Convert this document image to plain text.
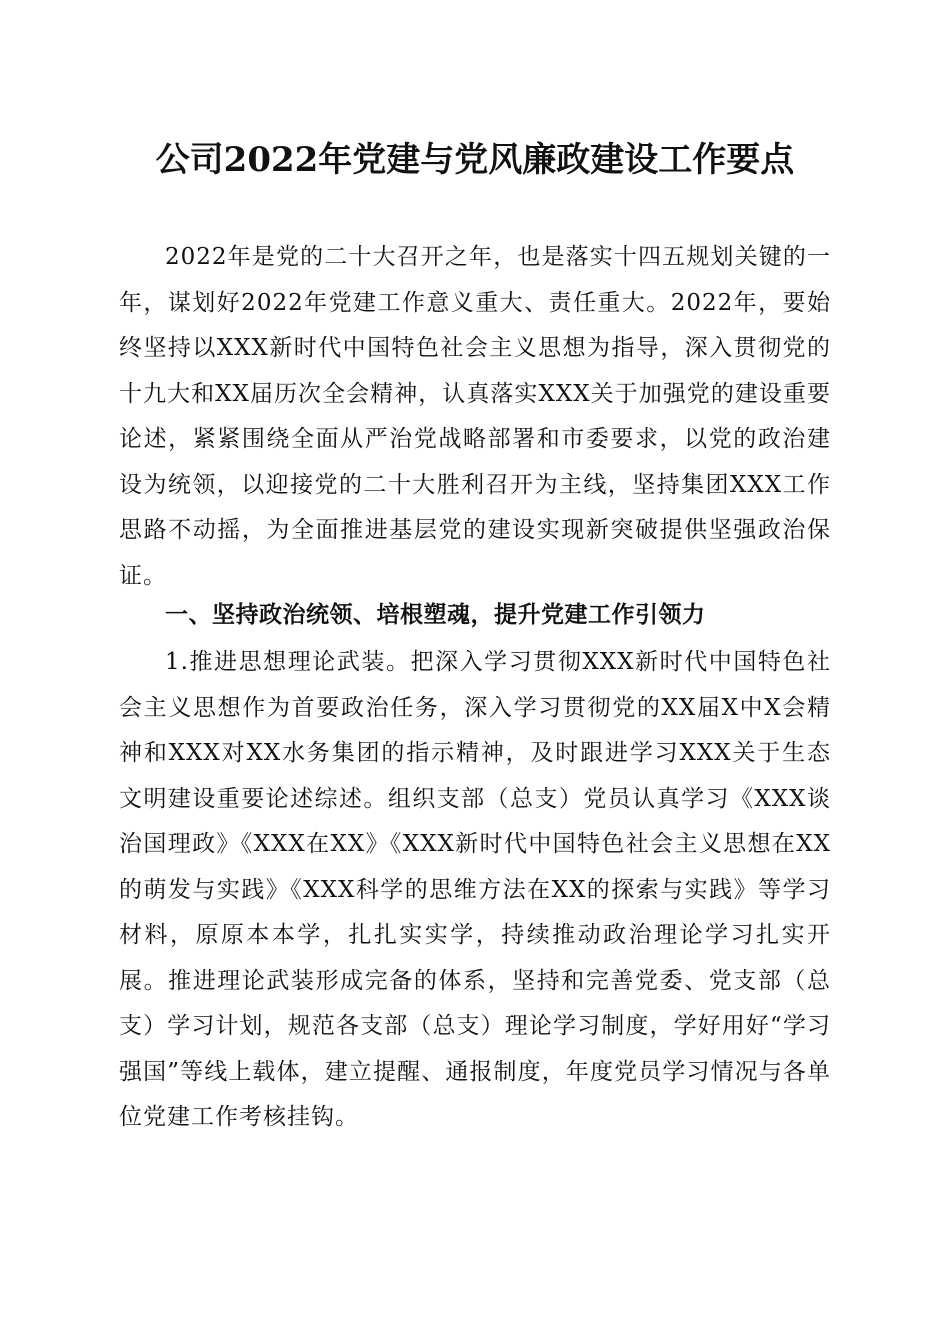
公司2022年党建与党风廉政建设工作要点

2022年是党的二十大召开之年，也是落实十四五规划关键的一年，谋划好2022年党建工作意义重大、责任重大。2022年，要始终坚持以XXX新时代中国特色社会主义思想为指导，深入贯彻党的十九大和XX届历次全会精神，认真落实XXX关于加强党的建设重要论述，紧紧围绕全面从严治党战略部署和市委要求，以党的政治建设为统领，以迎接党的二十大胜利召开为主线，坚持集团XXX工作思路不动摇，为全面推进基层党的建设实现新突破提供坚强政治保证。

一、坚持政治统领、培根塑魂，提升党建工作引领力

1.推进思想理论武装。把深入学习贯彻XXX新时代中国特色社会主义思想作为首要政治任务，深入学习贯彻党的XX届X中X会精神和XXX对XX水务集团的指示精神，及时跟进学习XXX关于生态文明建设重要论述综述。组织支部（总支）党员认真学习《XXX谈治国理政》《XXX在XX》《XXX新时代中国特色社会主义思想在XX的萌发与实践》《XXX科学的思维方法在XX的探索与实践》等学习材料，原原本本学，扎扎实实学，持续推动政治理论学习扎实开展。推进理论武装形成完备的体系，坚持和完善党委、党支部（总支）学习计划，规范各支部（总支）理论学习制度，学好用好“学习强国”等线上载体，建立提醒、通报制度，年度党员学习情况与各单位党建工作考核挂钩。
